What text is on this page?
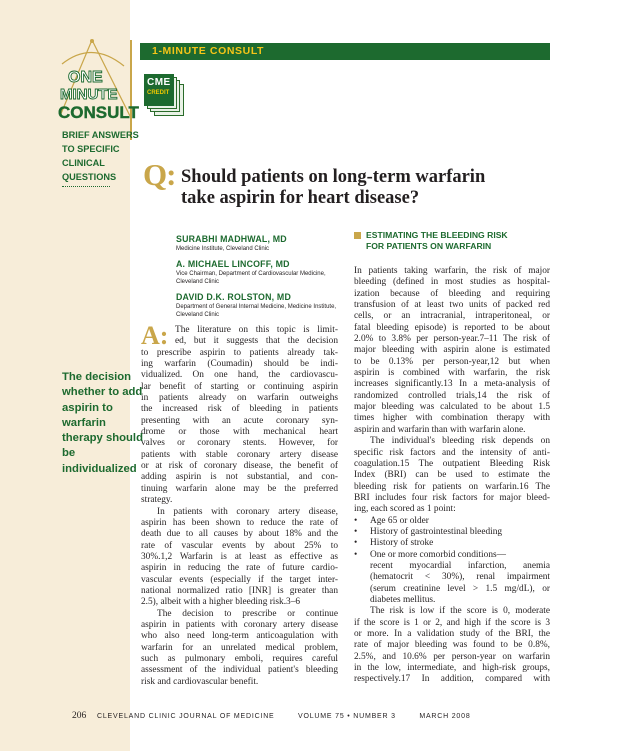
ONE
MINUTE
CONSULT
CME
CREDIT
1-MINUTE CONSULT
BRIEF ANSWERS
TO SPECIFIC
CLINICAL
QUESTIONS Q: Should patients on long-term warfarin
take aspirin for heart disease?
SURABHI MADHWAL, MD
Medicine Institute, Cleveland Clinic
A. MICHAEL LINCOFF, MD
Vice Chairman, Department of Cardiovascular Medicine,
Cleveland Clinic
DAVID D.K. ROLSTON, MD
Department of General Internal Medicine, Medicine Institute,
Cleveland Clinic
ESTIMATING THE BLEEDING RISK
FOR PATIENTS ON WARFARIN
A: The literature on this topic is limit-
ed, but it suggests that the decision
to prescribe aspirin to patients already tak-
ing warfarin (Coumadin) should be indi-
vidualized. On one hand, the cardiovascu-
lar benefit of starting or continuing aspirin
in patients already on warfarin outweighs
the increased risk of bleeding in patients
presenting with an acute coronary syn-
drome or those with mechanical heart
valves or coronary stents. However, for
patients with stable coronary artery disease
or at risk of coronary disease, the benefit of
adding aspirin is not substantial, and con-
tinuing warfarin alone may be the preferred
strategy.
In patients with coronary artery disease,
aspirin has been shown to reduce the rate of
death due to all causes by about 18% and the
rate of vascular events by about 25% to
30%.1,2 Warfarin is at least as effective as
aspirin in reducing the rate of future cardio-
vascular events (especially if the target inter-
national normalized ratio [INR] is greater than
2.5), albeit with a higher bleeding risk.3–6
The decision to prescribe or continue
aspirin in patients with coronary artery disease
who also need long-term anticoagulation with
warfarin for an unrelated medical problem,
such as pulmonary emboli, requires careful
assessment of the individual patient's bleeding
risk and cardiovascular benefit.
In patients taking warfarin, the risk of major
bleeding (defined in most studies as hospital-
ization because of bleeding and requiring
transfusion of at least two units of packed red
cells, or an intracranial, intraperitoneal, or
fatal bleeding episode) is reported to be about
2.0% to 3.8% per person-year.7–11 The risk of
major bleeding with aspirin alone is estimated
to be 0.13% per person-year,12 but when
aspirin is combined with warfarin, the risk
increases significantly.13 In a meta-analysis of
randomized controlled trials,14 the risk of
major bleeding was calculated to be about 1.5
times higher with combination therapy with
aspirin and warfarin than with warfarin alone.
The individual's bleeding risk depends on
specific risk factors and the intensity of anti-
coagulation.15 The outpatient Bleeding Risk
Index (BRI) can be used to estimate the
bleeding risk for patients on warfarin.16 The
BRI includes four risk factors for major bleed-
ing, each scored as 1 point:
• Age 65 or older
• History of gastrointestinal bleeding
• History of stroke
• One or more comorbid conditions—
recent myocardial infarction, anemia
(hematocrit < 30%), renal impairment
(serum creatinine level > 1.5 mg/dL), or
diabetes mellitus.
The risk is low if the score is 0, moderate
if the score is 1 or 2, and high if the score is 3
or more. In a validation study of the BRI, the
rate of major bleeding was found to be 0.8%,
2.5%, and 10.6% per person-year on warfarin
in the low, intermediate, and high-risk groups,
respectively.17 In addition, compared with
The decision
whether to add
aspirin to
warfarin
therapy should
be
individualized
206 CLEVELAND CLINIC JOURNAL OF MEDICINE	VOLUME 75 • NUMBER 3	MARCH 2008
